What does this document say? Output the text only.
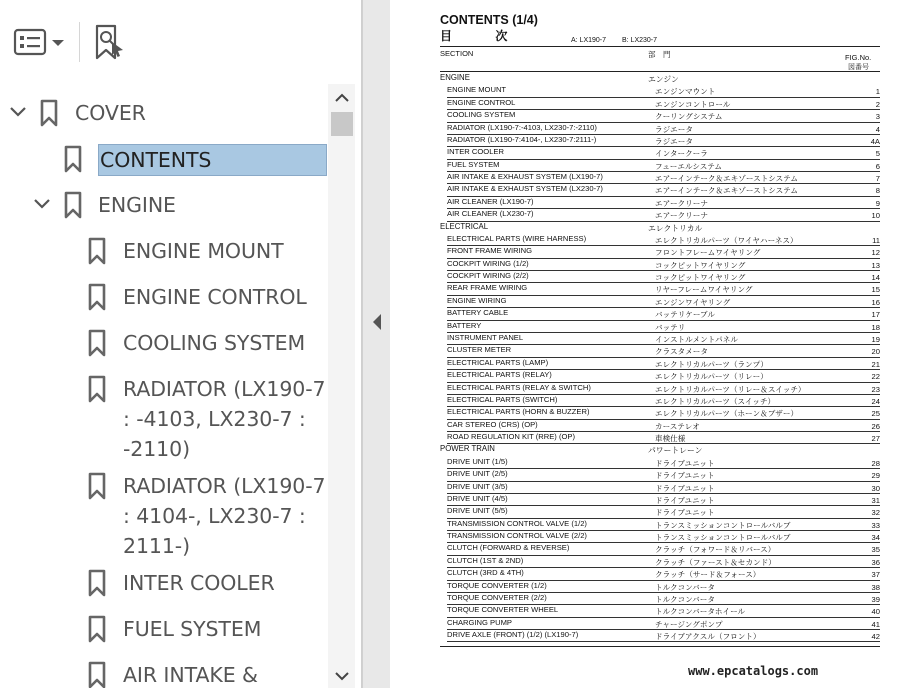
COVER
CONTENTS
ENGINE
ENGINE MOUNT
ENGINE CONTROL
COOLING SYSTEM
RADIATOR (LX190-7
: -4103, LX230-7 :
-2110)
RADIATOR (LX190-7
: 4104-, LX230-7 :
2111-)
INTER COOLER
FUEL SYSTEM
AIR INTAKE &
CONTENTS (1/4)
目 次	A: LX190-7 B: LX230-7
SECTION	部　門	FIG.No.
図番号
ENGINE	エンジン
ENGINE MOUNT	エンジンマウント	1
ENGINE CONTROL	エンジンコントロール	2
COOLING SYSTEM	クーリングシステム	3
RADIATOR (LX190-7:-4103, LX230-7:-2110)	ラジエータ	4
RADIATOR (LX190-7:4104-, LX230-7:2111-)	ラジエータ	4A
INTER COOLER	インタークーラ	5
FUEL SYSTEM	フューエルシステム	6
AIR INTAKE & EXHAUST SYSTEM (LX190-7)	エアーインテーク＆エキゾーストシステム	7
AIR INTAKE & EXHAUST SYSTEM (LX230-7)	エアーインテーク＆エキゾーストシステム	8
AIR CLEANER (LX190-7)	エアークリーナ	9
AIR CLEANER (LX230-7)	エアークリーナ	10
ELECTRICAL	エレクトリカル
ELECTRICAL PARTS (WIRE HARNESS)	エレクトリカルパーツ（ワイヤハーネス）	11
FRONT FRAME WIRING	フロントフレームワイヤリング	12
COCKPIT WIRING (1/2)	コックピットワイヤリング	13
COCKPIT WIRING (2/2)	コックピットワイヤリング	14
REAR FRAME WIRING	リヤーフレームワイヤリング	15
ENGINE WIRING	エンジンワイヤリング	16
BATTERY CABLE	バッテリケーブル	17
BATTERY	バッテリ	18
INSTRUMENT PANEL	インストルメントパネル	19
CLUSTER METER	クラスタメータ	20
ELECTRICAL PARTS (LAMP)	エレクトリカルパーツ（ランプ）	21
ELECTRICAL PARTS (RELAY)	エレクトリカルパーツ（リレー）	22
ELECTRICAL PARTS (RELAY & SWITCH)	エレクトリカルパーツ（リレー＆スイッチ）	23
ELECTRICAL PARTS (SWITCH)	エレクトリカルパーツ（スイッチ）	24
ELECTRICAL PARTS (HORN & BUZZER)	エレクトリカルパーツ（ホーン＆ブザー）	25
CAR STEREO (CRS) (OP)	カーステレオ	26
ROAD REGULATION KIT (RRE) (OP)	車検仕様	27
POWER TRAIN	パワートレーン
DRIVE UNIT (1/5)	ドライブユニット	28
DRIVE UNIT (2/5)	ドライブユニット	29
DRIVE UNIT (3/5)	ドライブユニット	30
DRIVE UNIT (4/5)	ドライブユニット	31
DRIVE UNIT (5/5)	ドライブユニット	32
TRANSMISSION CONTROL VALVE (1/2)	トランスミッションコントロールバルブ	33
TRANSMISSION CONTROL VALVE (2/2)	トランスミッションコントロールバルブ	34
CLUTCH (FORWARD & REVERSE)	クラッチ（フォワード＆リバース）	35
CLUTCH (1ST & 2ND)	クラッチ（ファースト＆セカンド）	36
CLUTCH (3RD & 4TH)	クラッチ（サード＆フォース）	37
TORQUE CONVERTER (1/2)	トルクコンバータ	38
TORQUE CONVERTER (2/2)	トルクコンバータ	39
TORQUE CONVERTER WHEEL	トルクコンバータホイール	40
CHARGING PUMP	チャージングポンプ	41
DRIVE AXLE (FRONT) (1/2) (LX190-7)	ドライブアクスル（フロント）	42
www.epcatalogs.com
